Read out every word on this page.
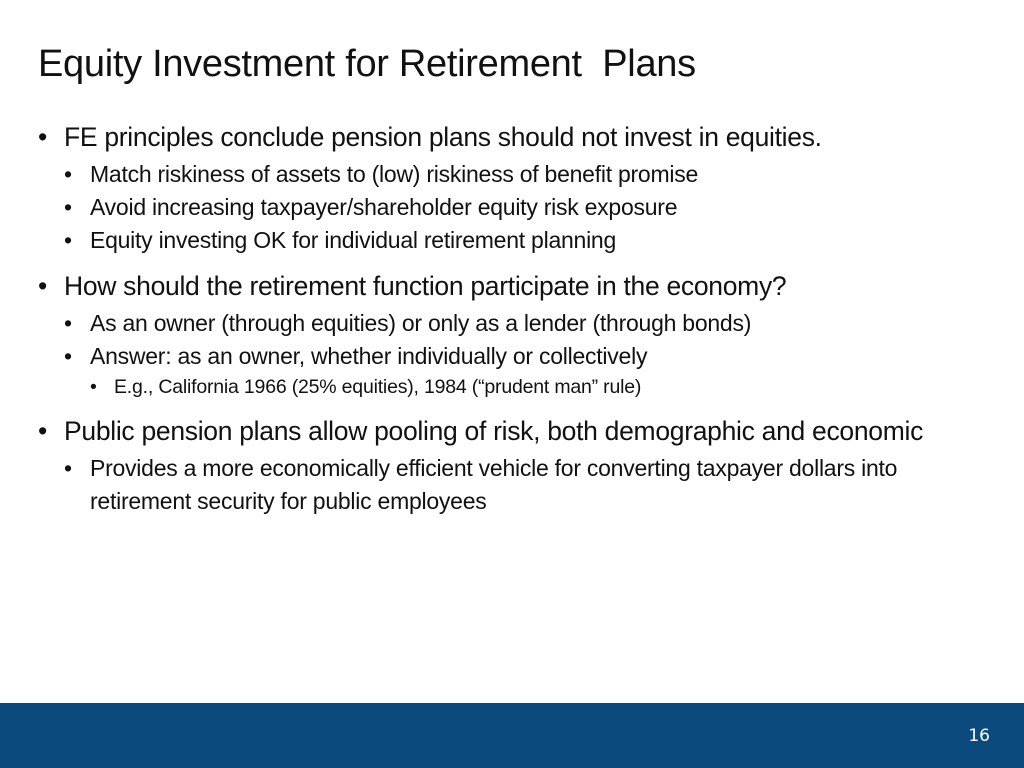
Equity Investment for Retirement  Plans
• FE principles conclude pension plans should not invest in equities.
• Match riskiness of assets to (low) riskiness of benefit promise
• Avoid increasing taxpayer/shareholder equity risk exposure
• Equity investing OK for individual retirement planning
• How should the retirement function participate in the economy?
• As an owner (through equities) or only as a lender (through bonds)
• Answer: as an owner, whether individually or collectively
• E.g., California 1966 (25% equities), 1984 (“prudent man” rule)
• Public pension plans allow pooling of risk, both demographic and economic
• Provides a more economically efficient vehicle for converting taxpayer dollars into retirement security for public employees
16
